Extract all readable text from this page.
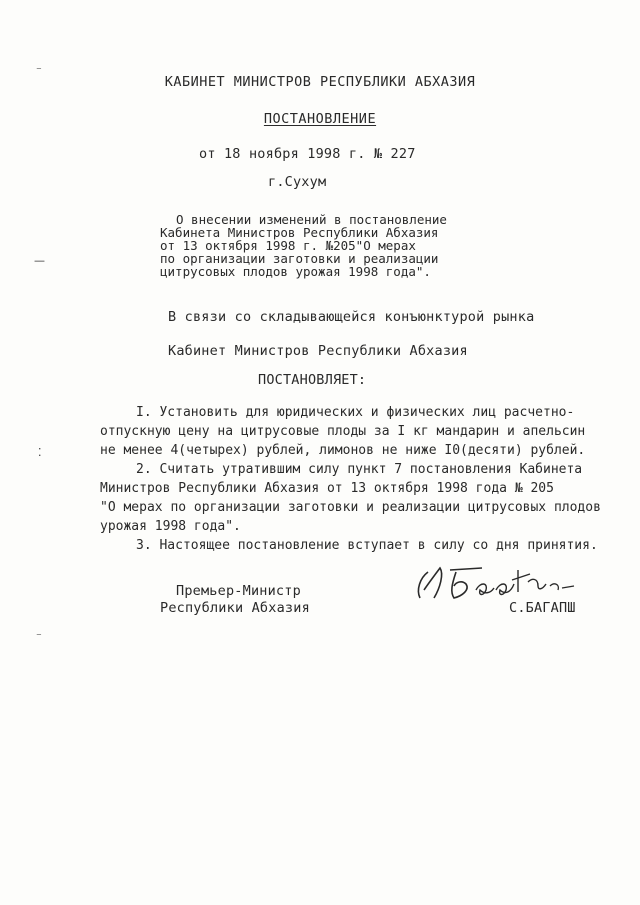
⁻
—
⁚
⁻
КАБИНЕТ МИНИСТРОВ РЕСПУБЛИКИ АБХАЗИЯ
ПОСТАНОВЛЕНИЕ
от 18 ноября 1998 г. № 227
г.Сухум
О внесении изменений в постановление
Кабинета Министров Республики Абхазия
от 13 октября 1998 г. №205"О мерах
по организации заготовки и реализации
цитрусовых плодов урожая 1998 года".
В связи со складывающейся конъюнктурой рынка
Кабинет Министров Республики Абхазия
ПОСТАНОВЛЯЕТ:
I. Установить для юридических и физических лиц расчетно-
отпускную цену на цитрусовые плоды за I кг мандарин и апельсин
не менее 4(четырех) рублей, лимонов не ниже I0(десяти) рублей.
2. Считать утратившим силу пункт 7 постановления Кабинета
Министров Республики Абхазия от 13 октября 1998 года № 205
"О мерах по организации заготовки и реализации цитрусовых плодов
урожая 1998 года".
3. Настоящее постановление вступает в силу со дня принятия.
Премьер-Министр
Республики Абхазия	С.БАГАПШ
